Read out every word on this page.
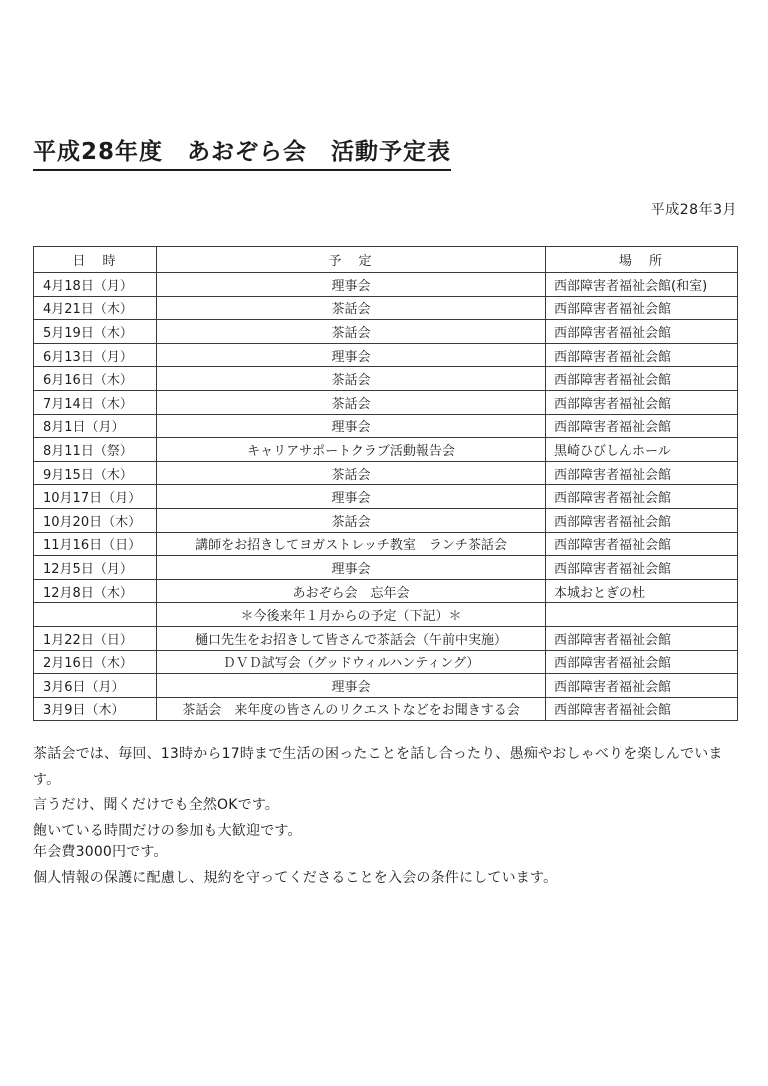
平成28年度　あおぞら会　活動予定表
平成28年3月
日　時	予　定	場　所
4月18日（月）	理事会	西部障害者福祉会館(和室)
4月21日（木）	茶話会	西部障害者福祉会館
5月19日（木）	茶話会	西部障害者福祉会館
6月13日（月）	理事会	西部障害者福祉会館
6月16日（木）	茶話会	西部障害者福祉会館
7月14日（木）	茶話会	西部障害者福祉会館
8月1日（月）	理事会	西部障害者福祉会館
8月11日（祭）	キャリアサポートクラブ活動報告会	黒崎ひびしんホール
9月15日（木）	茶話会	西部障害者福祉会館
10月17日（月）	理事会	西部障害者福祉会館
10月20日（木）	茶話会	西部障害者福祉会館
11月16日（日）	講師をお招きしてヨガストレッチ教室　ランチ茶話会	西部障害者福祉会館
12月5日（月）	理事会	西部障害者福祉会館
12月8日（木）	あおぞら会　忘年会	本城おとぎの杜
	＊今後来年１月からの予定（下記）＊	
1月22日（日）	樋口先生をお招きして皆さんで茶話会（午前中実施）	西部障害者福祉会館
2月16日（木）	ＤＶＤ試写会（グッドウィルハンティング）	西部障害者福祉会館
3月6日（月）	理事会	西部障害者福祉会館
3月9日（木）	茶話会　来年度の皆さんのリクエストなどをお聞きする会	西部障害者福祉会館
茶話会では、毎回、13時から17時まで生活の困ったことを話し合ったり、愚痴やおしゃべりを楽しんでいます。
言うだけ、聞くだけでも全然OKです。
飽いている時間だけの参加も大歓迎です。
年会費3000円です。
個人情報の保護に配慮し、規約を守ってくださることを入会の条件にしています。
